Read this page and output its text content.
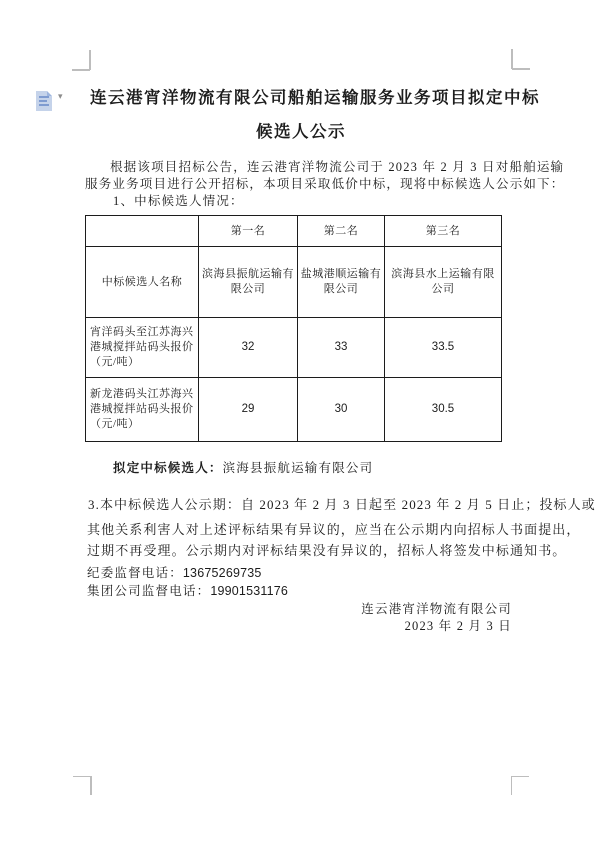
▾ 连云港宵洋物流有限公司船舶运输服务业务项目拟定中标
候选人公示
根据该项目招标公告，连云港宵洋物流公司于 2023 年 2 月 3 日对船舶运输
服务业务项目进行公开招标，本项目采取低价中标，现将中标候选人公示如下：
1、中标候选人情况：
	第一名	第二名	第三名
中标候选人名称	滨海县振航运输有限公司	盐城港顺运输有限公司	滨海县水上运输有限公司
宵洋码头至江苏海兴港城搅拌站码头报价（元/吨）	32	33	33.5
新龙港码头江苏海兴港城搅拌站码头报价（元/吨）	29	30	30.5
拟定中标候选人：滨海县振航运输有限公司
3.本中标候选人公示期：自 2023 年 2 月 3 日起至 2023 年 2 月 5 日止；投标人或
其他关系利害人对上述评标结果有异议的，应当在公示期内向招标人书面提出，
过期不再受理。公示期内对评标结果没有异议的，招标人将签发中标通知书。
纪委监督电话：13675269735
集团公司监督电话：19901531176
连云港宵洋物流有限公司
2023 年 2 月 3 日
